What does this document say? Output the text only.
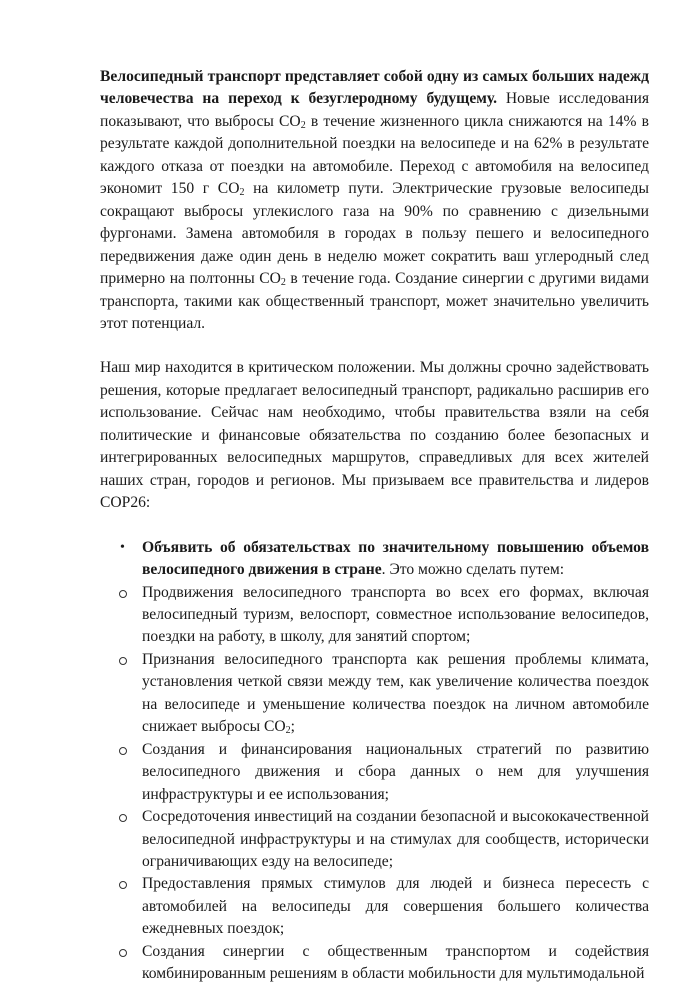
Велосипедный транспорт представляет собой одну из самых больших надежд человечества на переход к безуглеродному будущему. Новые исследования показывают, что выбросы $CO_2$ в течение жизненного цикла снижаются на 14% в результате каждой дополнительной поездки на велосипеде и на 62% в результате каждого отказа от поездки на автомобиле. Переход с автомобиля на велосипед экономит 150 г $CO_2$ на километр пути. Электрические грузовые велосипеды сокращают выбросы углекислого газа на 90% по сравнению с дизельными фургонами. Замена автомобиля в городах в пользу пешего и велосипедного передвижения даже один день в неделю может сократить ваш углеродный след примерно на полтонны $CO_2$ в течение года. Создание синергии с другими видами транспорта, такими как общественный транспорт, может значительно увеличить этот потенциал.

Наш мир находится в критическом положении. Мы должны срочно задействовать решения, которые предлагает велосипедный транспорт, радикально расширив его использование. Сейчас нам необходимо, чтобы правительства взяли на себя политические и финансовые обязательства по созданию более безопасных и интегрированных велосипедных маршрутов, справедливых для всех жителей наших стран, городов и регионов. Мы призываем все правительства и лидеров COP26:

• Объявить об обязательствах по значительному повышению объемов велосипедного движения в стране. Это можно сделать путем:
Продвижения велосипедного транспорта во всех его формах, включая велосипедный туризм, велоспорт, совместное использование велосипедов, поездки на работу, в школу, для занятий спортом;
Признания велосипедного транспорта как решения проблемы климата, установления четкой связи между тем, как увеличение количества поездок на велосипеде и уменьшение количества поездок на личном автомобиле снижает выбросы $CO_2$;
Создания и финансирования национальных стратегий по развитию велосипедного движения и сбора данных о нем для улучшения инфраструктуры и ее использования;
Сосредоточения инвестиций на создании безопасной и высококачественной велосипедной инфраструктуры и на стимулах для сообществ, исторически ограничивающих езду на велосипеде;
Предоставления прямых стимулов для людей и бизнеса пересесть с автомобилей на велосипеды для совершения большего количества ежедневных поездок;
Создания синергии с общественным транспортом и содействия комбинированным решениям в области мобильности для мультимодальной
